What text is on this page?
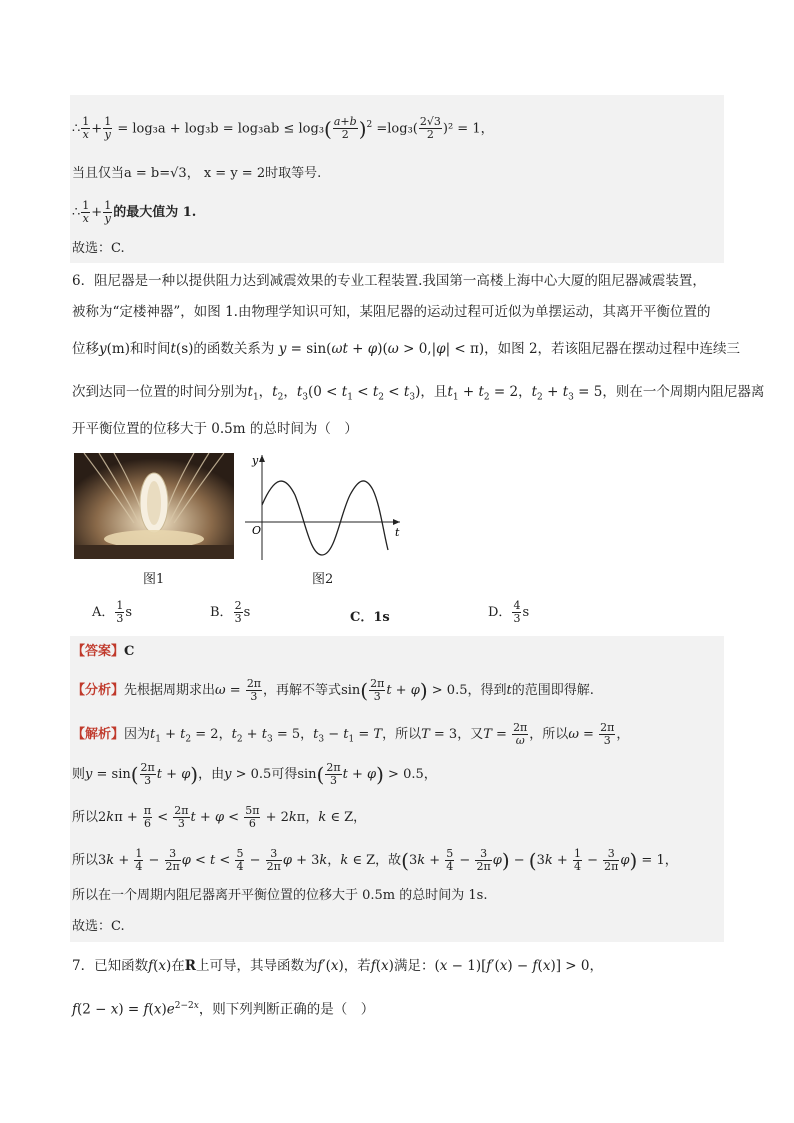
∴ $\frac{1}{x} + \frac{1}{y} = \log_3a + \log_3b = \log_3ab \le \log_3( \frac{a+b}{2} )^2 =\log_3( \frac{2√3}{2} )^2 = 1$，
当且仅当a = b=√3， x = y = 2时取等号.
∴ $\frac{1}{x} + \frac{1}{y}$ 的最大值为 1.
故选：C.
6．阻尼器是一种以提供阻力达到减震效果的专业工程装置.我国第一高楼上海中心大厦的阻尼器减震装置，
被称为“定楼神器”，如图 1.由物理学知识可知，某阻尼器的运动过程可近似为单摆运动，其离开平衡位置的
位移y(m)和时间t(s)的函数关系为 y = sin(ωt + φ)(ω > 0,|φ| < π)，如图 2，若该阻尼器在摆动过程中连续三
次到达同一位置的时间分别为$t_1$，$t_2$，$t_3(0 < t_1 < t_2 < t_3)$，且$t_1 + t_2 = 2$，$t_2 + t_3 = 5$，则在一个周期内阻尼器离
开平衡位置的位移大于 0.5m 的总时间为（　）
图1
y
O	t
图2
A． $\frac{1}{3}$ s	B． $\frac{2}{3}$ s	C．1s	D． $\frac{4}{3}$ s
【答案】C
【分析】先根据周期求出$\omega = \frac{2\pi}{3}$ ，再解不等式$\sin( \frac{2\pi}{3}$ t + φ) > 0.5，得到t的范围即得解.
【解析】因为$t_1 + t_2 = 2$，$t_2 + t_3 = 5$，$t_3 - t_1 = T$，所以T = 3，又$T = \frac{2\pi}{\omega}$ ，所以$\omega = \frac{2\pi}{3}$ ，
则$y = \sin( \frac{2\pi}{3}$ t + φ)，由y > 0.5可得$\sin( \frac{2\pi}{3}$ t + φ) > 0.5，
所以$2k\pi + \frac{\pi}{6} < \frac{2\pi}{3}$ $t + \varphi < \frac{5\pi}{6} + 2k\pi$，k ∈ Z，
所以$3k + \frac{1}{4} - \frac{3}{2\pi}$ $\varphi < t < \frac{5}{4} - \frac{3}{2\pi}$ φ + 3k，k ∈ Z，故$(3k + \frac{5}{4} - \frac{3}{2\pi} \varphi) - (3k + \frac{1}{4} - \frac{3}{2\pi} \varphi) = 1$，
所以在一个周期内阻尼器离开平衡位置的位移大于 0.5m 的总时间为 1s.
故选：C.
7．已知函数f(x)在R上可导，其导函数为f′(x)，若f(x)满足：(x − 1)[f′(x) − f(x)] > 0，
$f(2 - x) = f(x)e^{2-2x}$，则下列判断正确的是（　）
